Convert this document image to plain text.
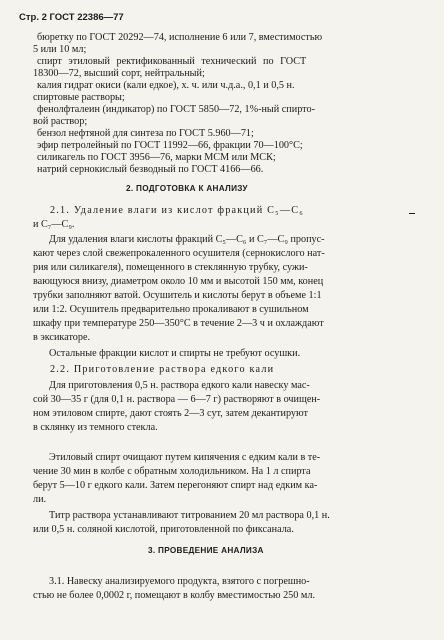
Стр. 2 ГОСТ 22386—77
бюретку по ГОСТ 20292—74, исполнение 6 или 7, вместимостью
5 или 10 мл;
спирт этиловый ректификованный технический по ГОСТ
18300—72, высший сорт, нейтральный;
калия гидрат окиси (кали едкое), х. ч. или ч.д.а., 0,1 и 0,5 н.
спиртовые растворы;
фенолфталеин (индикатор) по ГОСТ 5850—72, 1%-ный спирто-
вой раствор;
бензол нефтяной для синтеза по ГОСТ 5.960—71;
эфир петролейный по ГОСТ 11992—66, фракции 70—100°С;
силикагель по ГОСТ 3956—76, марки МСМ или МСК;
натрий сернокислый безводный по ГОСТ 4166—66.
2. ПОДГОТОВКА К АНАЛИЗУ
2.1. Удаление влаги из кислот фракций С₅—С₆
и С₇—С₉.
Для удаления влаги кислоты фракций С₅—С₆ и С₇—С₉ пропус-
кают через слой свежепрокаленного осушителя (сернокислого нат-
рия или силикагеля), помещенного в стеклянную трубку, сужи-
вающуюся внизу, диаметром около 10 мм и высотой 150 мм, конец
трубки заполняют ватой. Осушитель и кислоты берут в объеме 1:1
или 1:2. Осушитель предварительно прокаливают в сушильном
шкафу при температуре 250—350°С в течение 2—3 ч и охлаждают
в эксикаторе.
Остальные фракции кислот и спирты не требуют осушки.
2.2. Приготовление раствора едкого кали
Для приготовления 0,5 н. раствора едкого кали навеску мас-
сой 30—35 г (для 0,1 н. раствора — 6—7 г) растворяют в очищен-
ном этиловом спирте, дают стоять 2—3 сут, затем декантируют
в склянку из темного стекла.
Этиловый спирт очищают путем кипячения с едким кали в те-
чение 30 мин в колбе с обратным холодильником. На 1 л спирта
берут 5—10 г едкого кали. Затем перегоняют спирт над едким ка-
ли.
Титр раствора устанавливают титрованием 20 мл раствора 0,1 н.
или 0,5 н. соляной кислотой, приготовленной по фиксаналa.
3. ПРОВЕДЕНИЕ АНАЛИЗА
3.1. Навеску анализируемого продукта, взятого с погрешно-
стью не более 0,0002 г, помещают в колбу вместимостью 250 мл.
